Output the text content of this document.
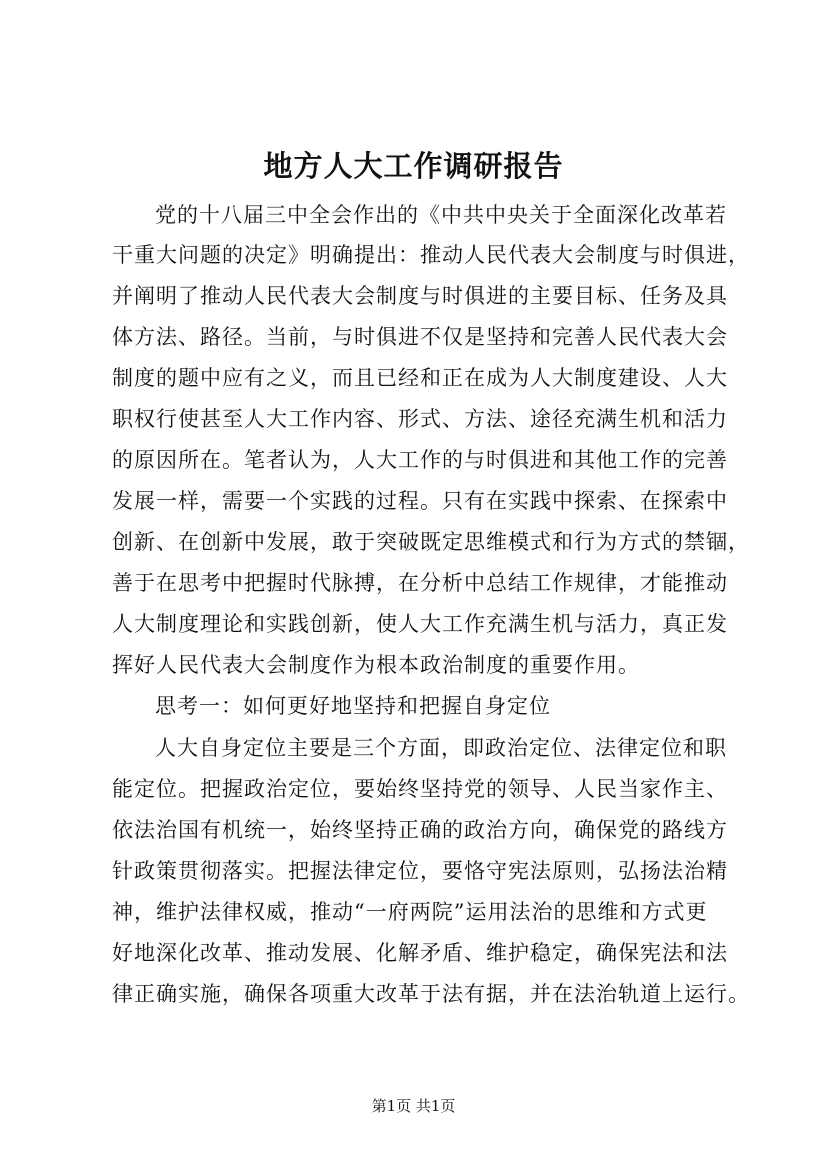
地方人大工作调研报告
党的十八届三中全会作出的《中共中央关于全面深化改革若
干重大问题的决定》明确提出：推动人民代表大会制度与时俱进，
并阐明了推动人民代表大会制度与时俱进的主要目标、任务及具
体方法、路径。当前，与时俱进不仅是坚持和完善人民代表大会
制度的题中应有之义，而且已经和正在成为人大制度建设、人大
职权行使甚至人大工作内容、形式、方法、途径充满生机和活力
的原因所在。笔者认为，人大工作的与时俱进和其他工作的完善
发展一样，需要一个实践的过程。只有在实践中探索、在探索中
创新、在创新中发展，敢于突破既定思维模式和行为方式的禁锢，
善于在思考中把握时代脉搏，在分析中总结工作规律，才能推动
人大制度理论和实践创新，使人大工作充满生机与活力，真正发
挥好人民代表大会制度作为根本政治制度的重要作用。
思考一：如何更好地坚持和把握自身定位
人大自身定位主要是三个方面，即政治定位、法律定位和职
能定位。把握政治定位，要始终坚持党的领导、人民当家作主、
依法治国有机统一，始终坚持正确的政治方向，确保党的路线方
针政策贯彻落实。把握法律定位，要恪守宪法原则，弘扬法治精
神，维护法律权威，推动“一府两院”运用法治的思维和方式更
好地深化改革、推动发展、化解矛盾、维护稳定，确保宪法和法
律正确实施，确保各项重大改革于法有据，并在法治轨道上运行。
第1页 共1页
